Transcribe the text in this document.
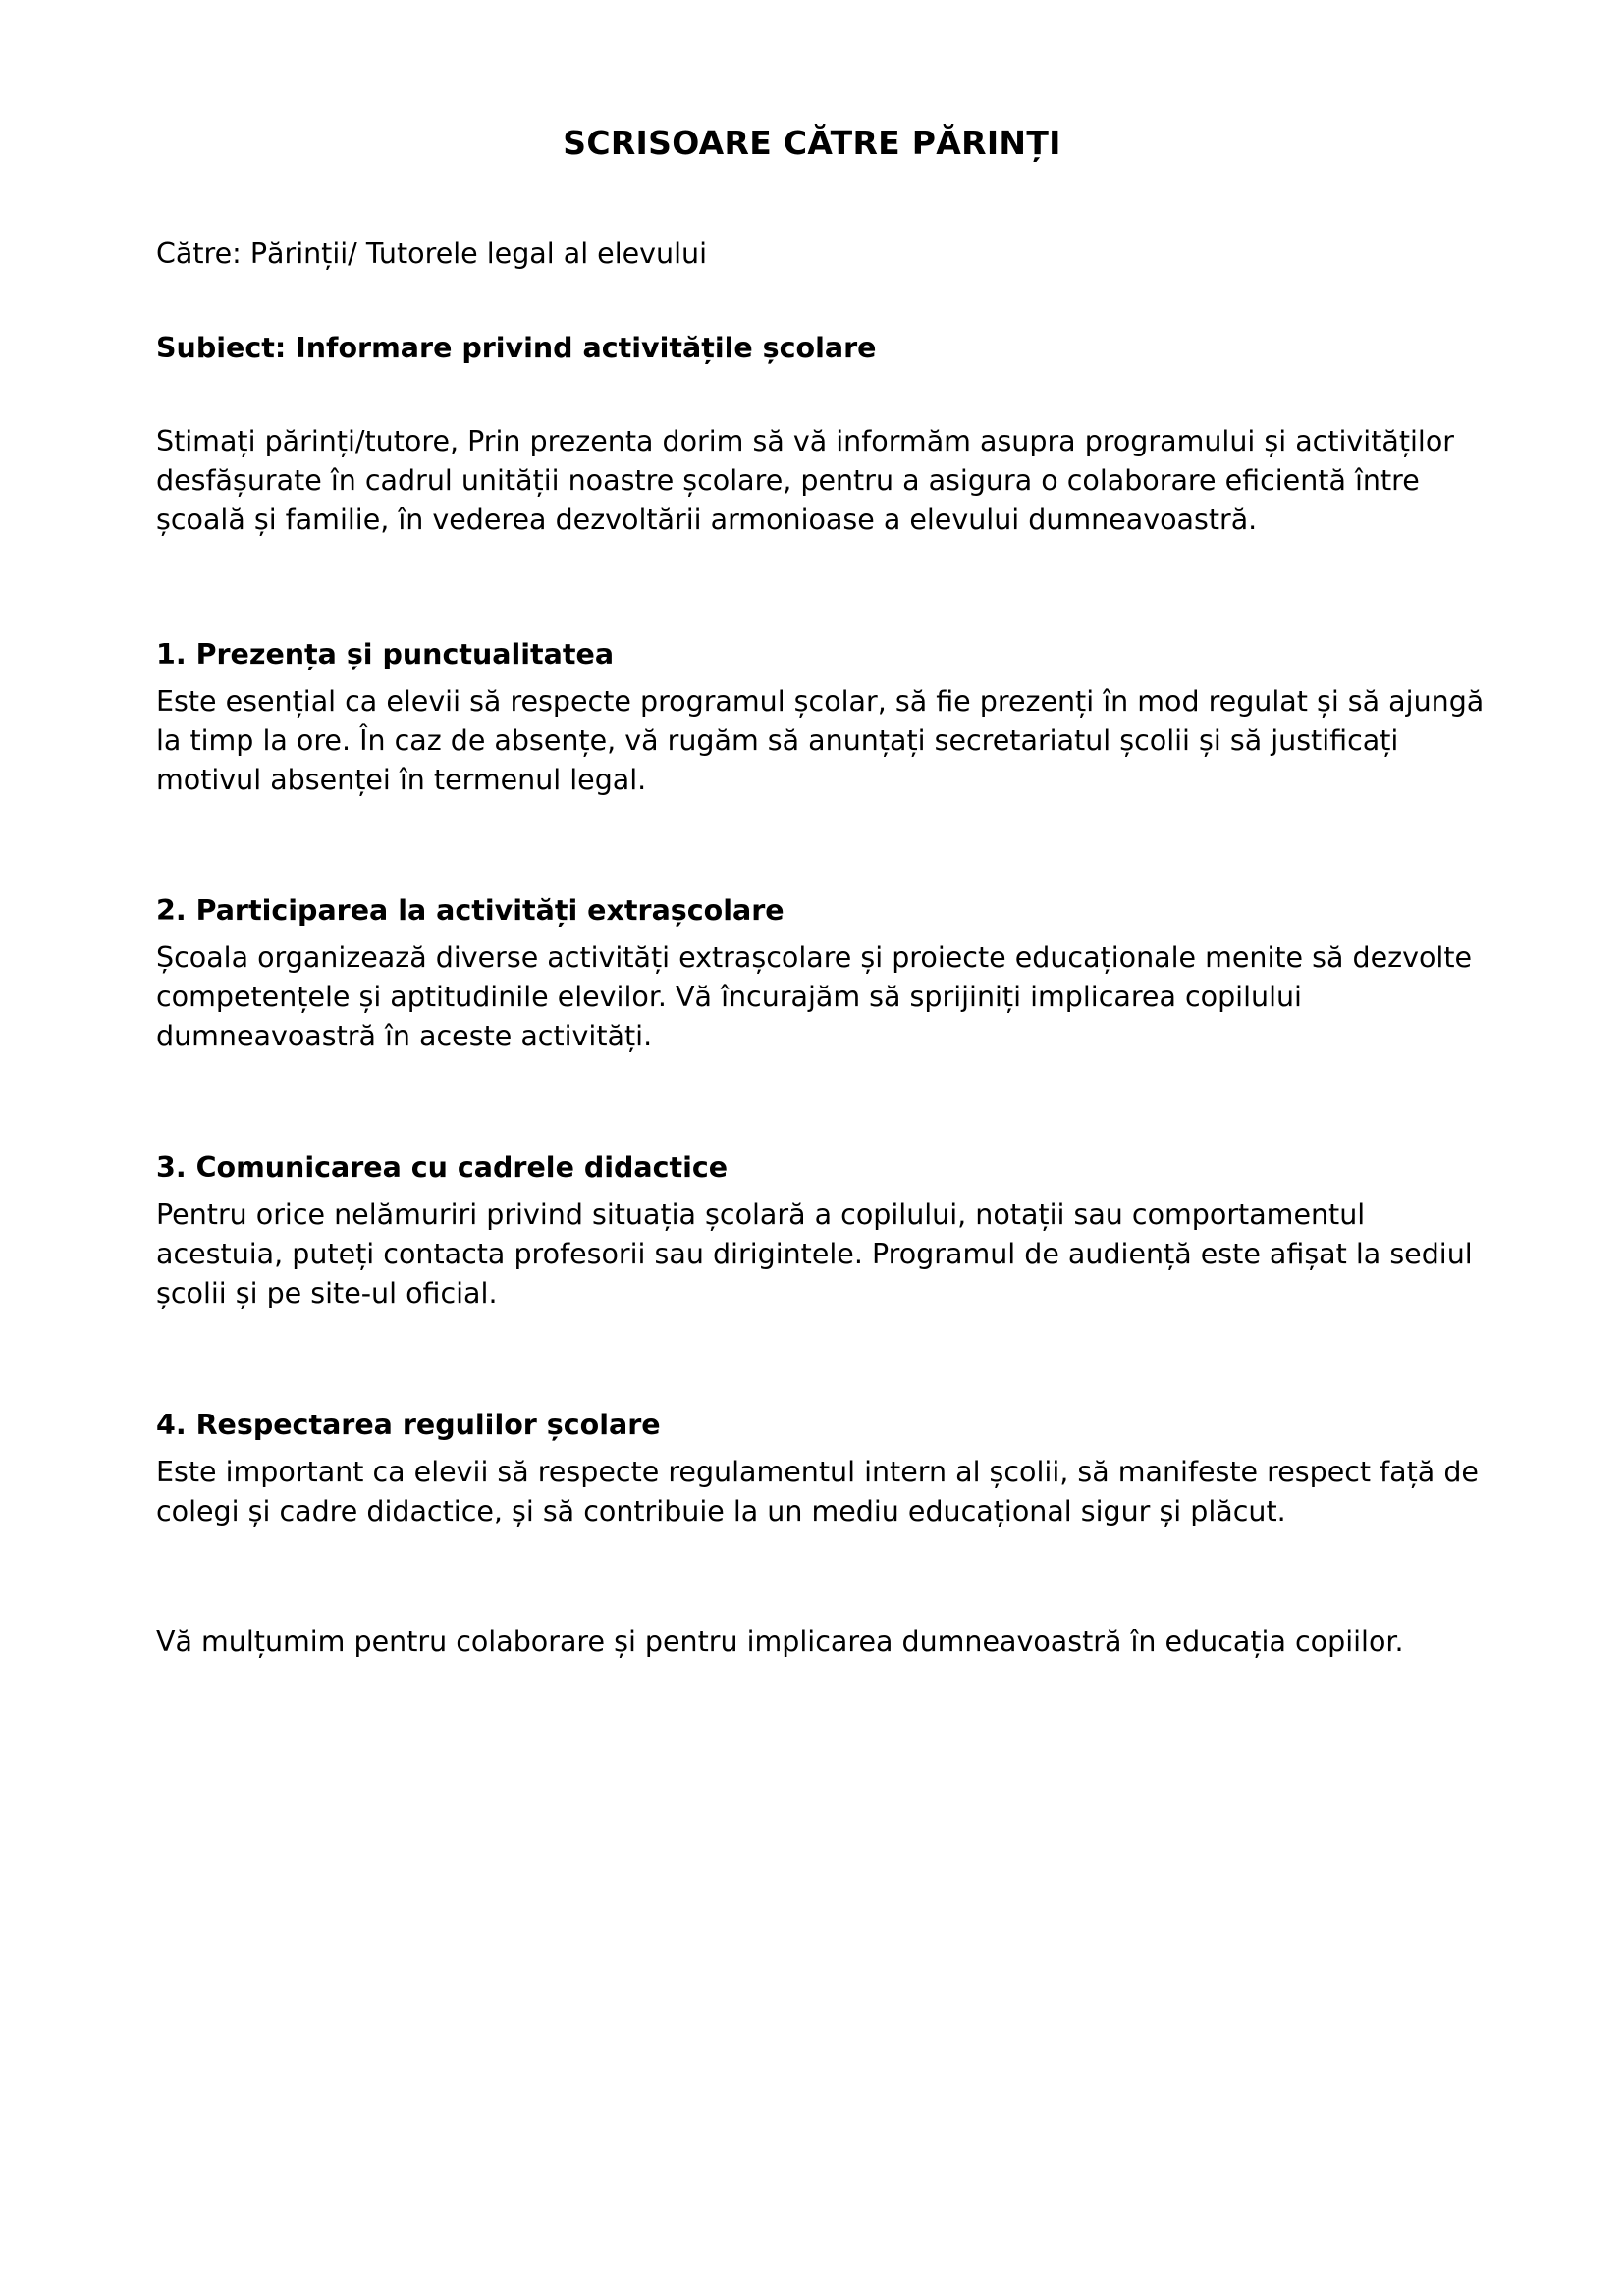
SCRISOARE CĂTRE PĂRINȚI

Către: Părinții/ Tutorele legal al elevului

Subiect: Informare privind activitățile școlare

Stimați părinți/tutore, Prin prezenta dorim să vă informăm asupra programului și activităților desfășurate în cadrul unității noastre școlare, pentru a asigura o colaborare eficientă între școală și familie, în vederea dezvoltării armonioase a elevului dumneavoastră.

1. Prezența și punctualitatea

Este esențial ca elevii să respecte programul școlar, să fie prezenți în mod regulat și să ajungă la timp la ore. În caz de absențe, vă rugăm să anunțați secretariatul școlii și să justificați motivul absenței în termenul legal.

2. Participarea la activități extrașcolare

Școala organizează diverse activități extrașcolare și proiecte educaționale menite să dezvolte competențele și aptitudinile elevilor. Vă încurajăm să sprijiniți implicarea copilului dumneavoastră în aceste activități.

3. Comunicarea cu cadrele didactice

Pentru orice nelămuriri privind situația școlară a copilului, notații sau comportamentul acestuia, puteți contacta profesorii sau dirigintele. Programul de audiență este afișat la sediul școlii și pe site-ul oficial.

4. Respectarea regulilor școlare

Este important ca elevii să respecte regulamentul intern al școlii, să manifeste respect față de colegi și cadre didactice, și să contribuie la un mediu educațional sigur și plăcut.

Vă mulțumim pentru colaborare și pentru implicarea dumneavoastră în educația copiilor.
